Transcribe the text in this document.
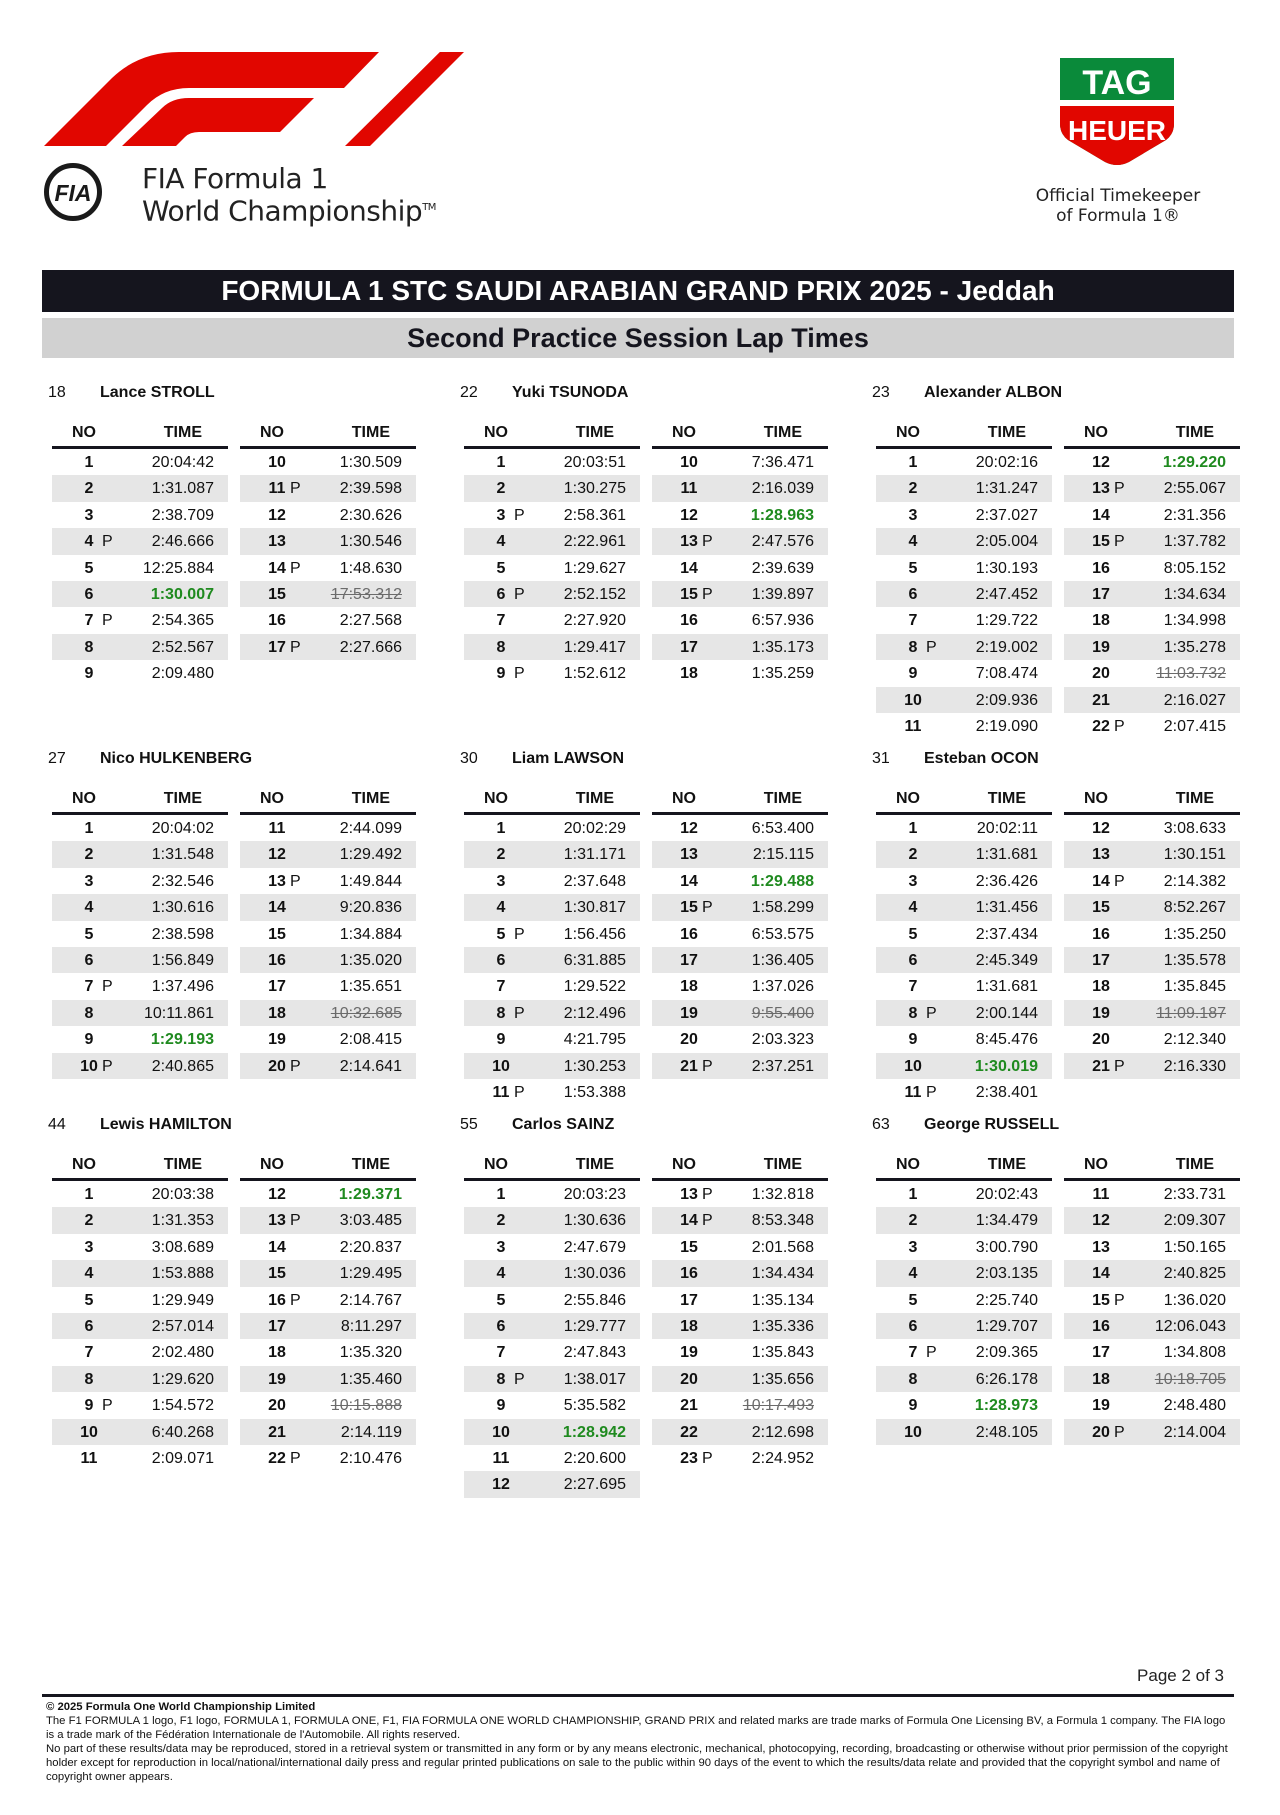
FIA FIA Formula 1
World Championship™
TAG
HEUER
Official Timekeeper
of Formula 1®
FORMULA 1 STC SAUDI ARABIAN GRAND PRIX 2025 - Jeddah
Second Practice Session Lap Times
18 Lance STROLL
NO	TIME
1	20:04:42
2	1:31.087
3	2:38.709
4 P 2:46.666
5	12:25.884
6	1:30.007
7 P 2:54.365
8	2:52.567
9	2:09.480
NO	TIME
10	1:30.509
11 P 2:39.598
12	2:30.626
13	1:30.546
14 P 1:48.630
15	17:53.312
16	2:27.568
17 P 2:27.666
22 Yuki TSUNODA
NO	TIME
1	20:03:51
2	1:30.275
3 P 2:58.361
4	2:22.961
5	1:29.627
6 P 2:52.152
7	2:27.920
8	1:29.417
9 P 1:52.612
NO	TIME
10	7:36.471
11	2:16.039
12	1:28.963
13 P 2:47.576
14	2:39.639
15 P 1:39.897
16	6:57.936
17	1:35.173
18	1:35.259
23 Alexander ALBON
NO	TIME
1	20:02:16
2	1:31.247
3	2:37.027
4	2:05.004
5	1:30.193
6	2:47.452
7	1:29.722
8 P 2:19.002
9	7:08.474
10	2:09.936
11	2:19.090
NO	TIME
12	1:29.220
13 P 2:55.067
14	2:31.356
15 P 1:37.782
16	8:05.152
17	1:34.634
18	1:34.998
19	1:35.278
20	11:03.732
21	2:16.027
22 P 2:07.415
27 Nico HULKENBERG
NO	TIME
1	20:04:02
2	1:31.548
3	2:32.546
4	1:30.616
5	2:38.598
6	1:56.849
7 P 1:37.496
8	10:11.861
9	1:29.193
10 P 2:40.865
NO	TIME
11	2:44.099
12	1:29.492
13 P 1:49.844
14	9:20.836
15	1:34.884
16	1:35.020
17	1:35.651
18	10:32.685
19	2:08.415
20 P 2:14.641
30 Liam LAWSON
NO	TIME
1	20:02:29
2	1:31.171
3	2:37.648
4	1:30.817
5 P 1:56.456
6	6:31.885
7	1:29.522
8 P 2:12.496
9	4:21.795
10	1:30.253
11 P 1:53.388
NO	TIME
12	6:53.400
13	2:15.115
14	1:29.488
15 P 1:58.299
16	6:53.575
17	1:36.405
18	1:37.026
19	9:55.400
20	2:03.323
21 P 2:37.251
31 Esteban OCON
NO	TIME
1	20:02:11
2	1:31.681
3	2:36.426
4	1:31.456
5	2:37.434
6	2:45.349
7	1:31.681
8 P 2:00.144
9	8:45.476
10	1:30.019
11 P 2:38.401
NO	TIME
12	3:08.633
13	1:30.151
14 P 2:14.382
15	8:52.267
16	1:35.250
17	1:35.578
18	1:35.845
19	11:09.187
20	2:12.340
21 P 2:16.330
44 Lewis HAMILTON
NO	TIME
1	20:03:38
2	1:31.353
3	3:08.689
4	1:53.888
5	1:29.949
6	2:57.014
7	2:02.480
8	1:29.620
9 P 1:54.572
10	6:40.268
11	2:09.071
NO	TIME
12	1:29.371
13 P 3:03.485
14	2:20.837
15	1:29.495
16 P 2:14.767
17	8:11.297
18	1:35.320
19	1:35.460
20	10:15.888
21	2:14.119
22 P 2:10.476
55 Carlos SAINZ
NO	TIME
1	20:03:23
2	1:30.636
3	2:47.679
4	1:30.036
5	2:55.846
6	1:29.777
7	2:47.843
8 P 1:38.017
9	5:35.582
10	1:28.942
11	2:20.600
12	2:27.695
NO	TIME
13 P 1:32.818
14 P 8:53.348
15	2:01.568
16	1:34.434
17	1:35.134
18	1:35.336
19	1:35.843
20	1:35.656
21	10:17.493
22	2:12.698
23 P 2:24.952
63 George RUSSELL
NO	TIME
1	20:02:43
2	1:34.479
3	3:00.790
4	2:03.135
5	2:25.740
6	1:29.707
7 P 2:09.365
8	6:26.178
9	1:28.973
10	2:48.105
NO	TIME
11	2:33.731
12	2:09.307
13	1:50.165
14	2:40.825
15 P 1:36.020
16	12:06.043
17	1:34.808
18	10:18.705
19	2:48.480
20 P 2:14.004
Page 2 of 3
© 2025 Formula One World Championship Limited
The F1 FORMULA 1 logo, F1 logo, FORMULA 1, FORMULA ONE, F1, FIA FORMULA ONE WORLD CHAMPIONSHIP, GRAND PRIX and related marks are trade marks of Formula One Licensing BV, a Formula 1 company. The FIA logo is a trade mark of the Fédération Internationale de l'Automobile. All rights reserved.
No part of these results/data may be reproduced, stored in a retrieval system or transmitted in any form or by any means electronic, mechanical, photocopying, recording, broadcasting or otherwise without prior permission of the copyright holder except for reproduction in local/national/international daily press and regular printed publications on sale to the public within 90 days of the event to which the results/data relate and provided that the copyright symbol and name of copyright owner appears.
